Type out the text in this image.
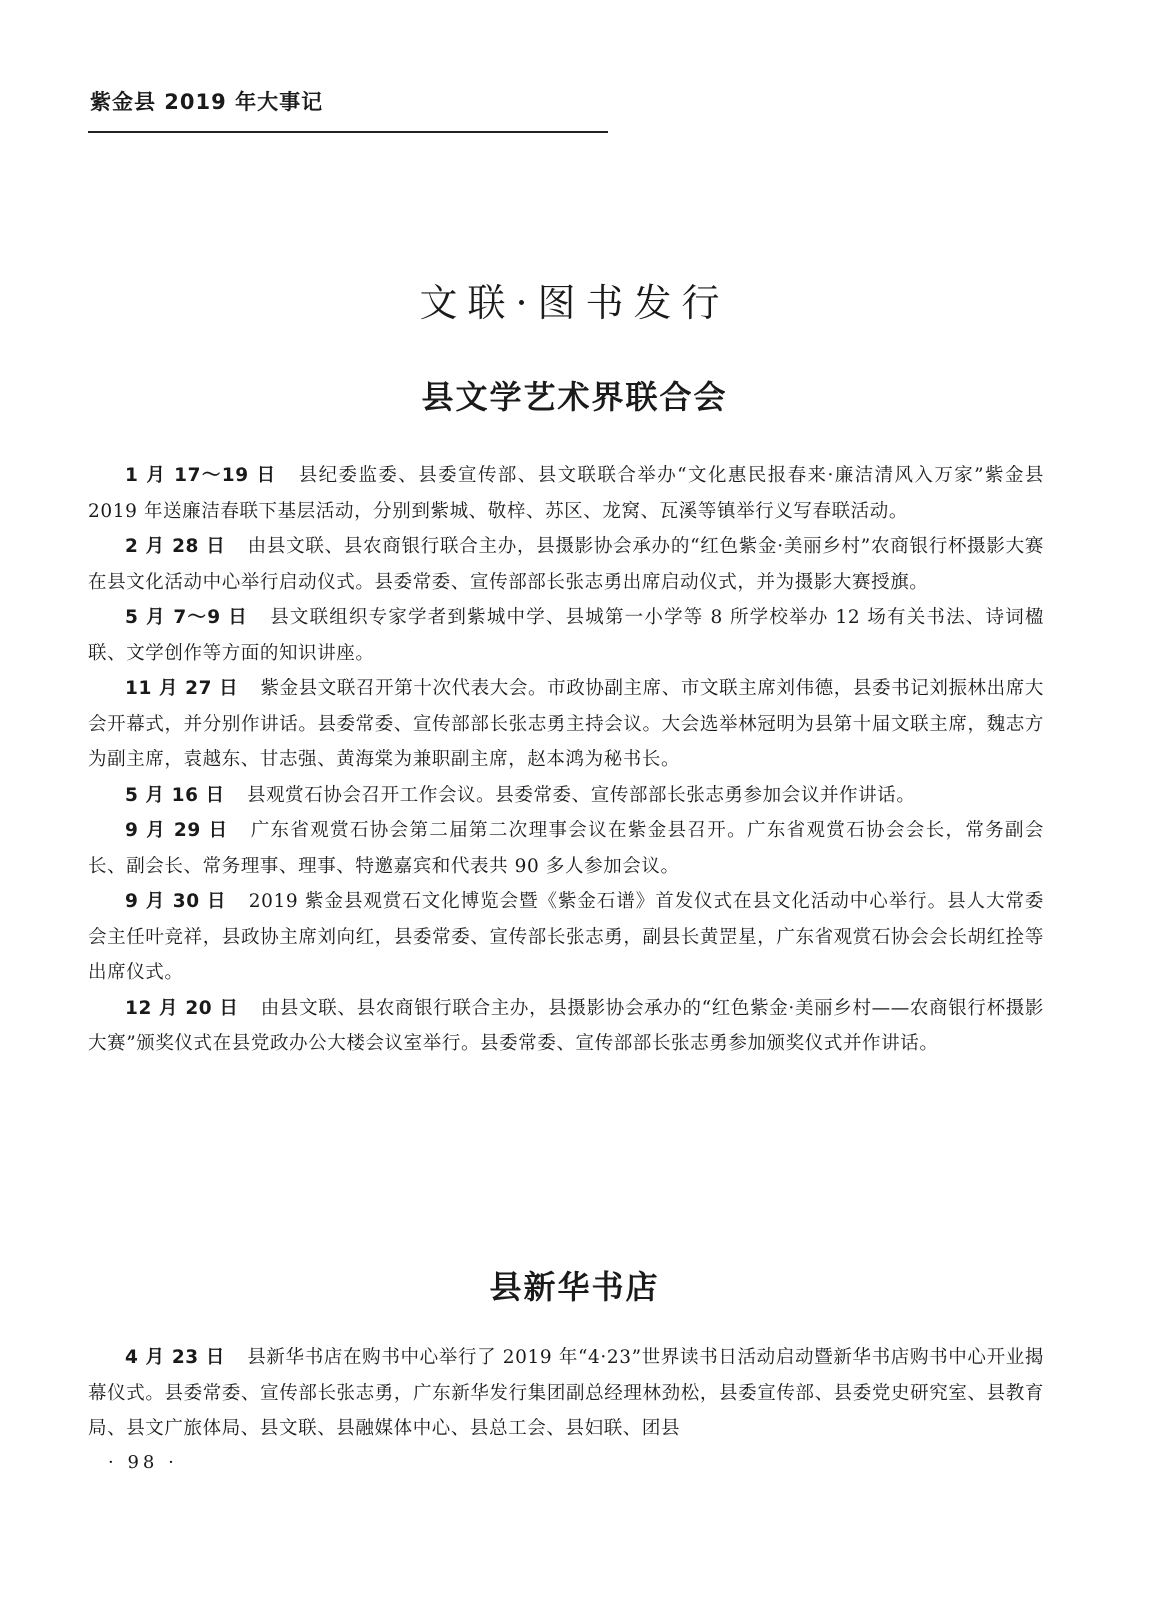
紫金县 2019 年大事记
文联·图书发行
县文学艺术界联合会

1 月 17～19 日 县纪委监委、县委宣传部、县文联联合举办“文化惠民报春来·廉洁清风入万家”紫金县 2019 年送廉洁春联下基层活动，分别到紫城、敬梓、苏区、龙窝、瓦溪等镇举行义写春联活动。

2 月 28 日 由县文联、县农商银行联合主办，县摄影协会承办的“红色紫金·美丽乡村”农商银行杯摄影大赛在县文化活动中心举行启动仪式。县委常委、宣传部部长张志勇出席启动仪式，并为摄影大赛授旗。

5 月 7～9 日 县文联组织专家学者到紫城中学、县城第一小学等 8 所学校举办 12 场有关书法、诗词楹联、文学创作等方面的知识讲座。

11 月 27 日 紫金县文联召开第十次代表大会。市政协副主席、市文联主席刘伟德，县委书记刘振林出席大会开幕式，并分别作讲话。县委常委、宣传部部长张志勇主持会议。大会选举林冠明为县第十届文联主席，魏志方为副主席，袁越东、甘志强、黄海棠为兼职副主席，赵本鸿为秘书长。

5 月 16 日 县观赏石协会召开工作会议。县委常委、宣传部部长张志勇参加会议并作讲话。

9 月 29 日 广东省观赏石协会第二届第二次理事会议在紫金县召开。广东省观赏石协会会长，常务副会长、副会长、常务理事、理事、特邀嘉宾和代表共 90 多人参加会议。

9 月 30 日 2019 紫金县观赏石文化博览会暨《紫金石谱》首发仪式在县文化活动中心举行。县人大常委会主任叶竞祥，县政协主席刘向红，县委常委、宣传部长张志勇，副县长黄罡星，广东省观赏石协会会长胡红拴等出席仪式。

12 月 20 日 由县文联、县农商银行联合主办，县摄影协会承办的“红色紫金·美丽乡村——农商银行杯摄影大赛”颁奖仪式在县党政办公大楼会议室举行。县委常委、宣传部部长张志勇参加颁奖仪式并作讲话。

县新华书店

4 月 23 日 县新华书店在购书中心举行了 2019 年“4·23”世界读书日活动启动暨新华书店购书中心开业揭幕仪式。县委常委、宣传部长张志勇，广东新华发行集团副总经理林劲松，县委宣传部、县委党史研究室、县教育局、县文广旅体局、县文联、县融媒体中心、县总工会、县妇联、团县

· 98 ·
